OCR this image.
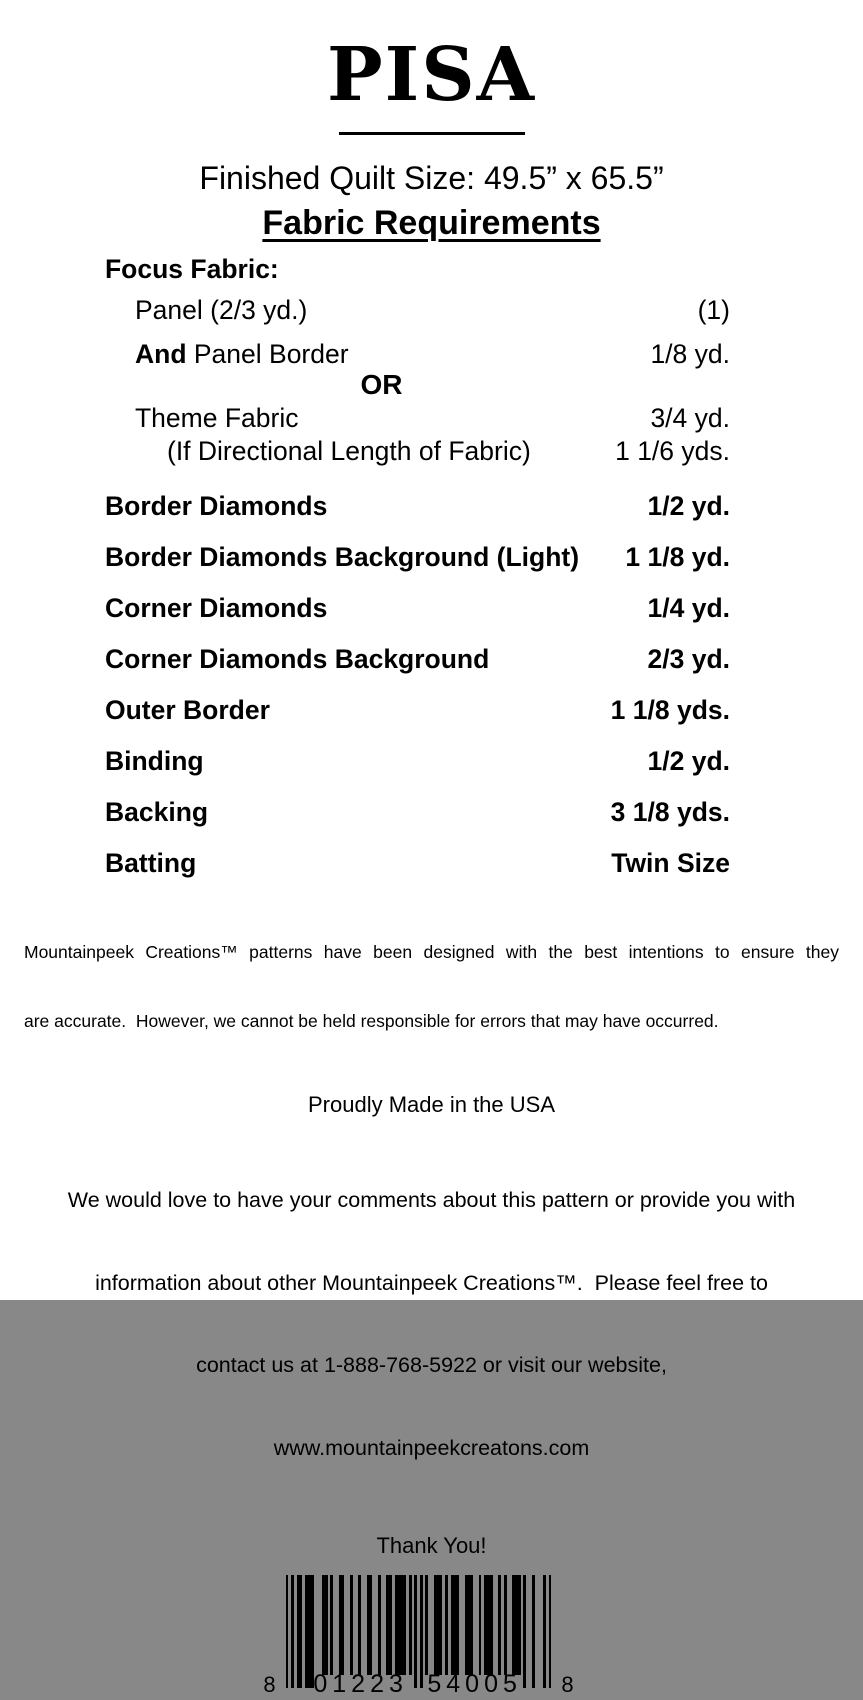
PISA
Finished Quilt Size: 49.5” x 65.5”
Fabric Requirements
Focus Fabric:
Panel (2/3 yd.)	(1)
And Panel Border	1/8 yd.
OR
Theme Fabric	3/4 yd.
(If Directional Length of Fabric)	1 1/6 yds.
Border Diamonds	1/2 yd.
Border Diamonds Background (Light)	1 1/8 yd.
Corner Diamonds	1/4 yd.
Corner Diamonds Background	2/3 yd.
Outer Border	1 1/8 yds.
Binding	1/2 yd.
Backing	3 1/8 yds.
Batting	Twin Size

Mountainpeek Creations™ patterns have been designed with the best intentions to ensure they

are accurate.  However, we cannot be held responsible for errors that may have occurred.

Proudly Made in the USA

We would love to have your comments about this pattern or provide you with

information about other Mountainpeek Creations™.  Please feel free to

contact us at 1-888-768-5922 or visit our website,

www.mountainpeekcreatons.com

Thank You!
8 01223 54005 8
